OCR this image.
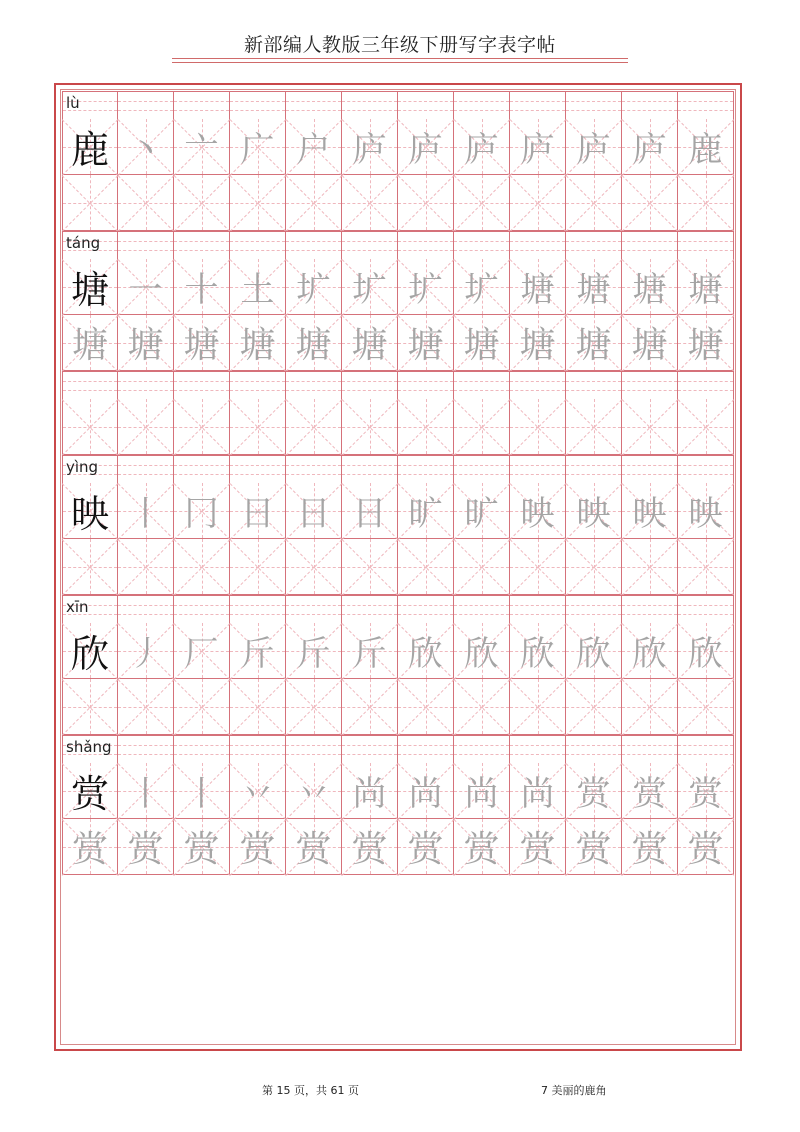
新部编人教版三年级下册写字表字帖
lù
鹿 丶 亠 广 户 庐 庐 庐 庐 庐 庐 鹿
táng
塘 一 十 土 圹 圹 圹 圹 塘 塘 塘 塘
塘 塘 塘 塘 塘 塘 塘 塘 塘 塘 塘 塘
yìng
映 丨 冂 日 日 日 旷 旷 映 映 映 映
xīn
欣 丿 厂 斤 斤 斤 欣 欣 欣 欣 欣 欣
shǎng
赏 丨 丨 丷 丷 尚 尚 尚 尚 赏 赏 赏
赏 赏 赏 赏 赏 赏 赏 赏 赏 赏 赏 赏
第 15 页，共 61 页	7 美丽的鹿角
